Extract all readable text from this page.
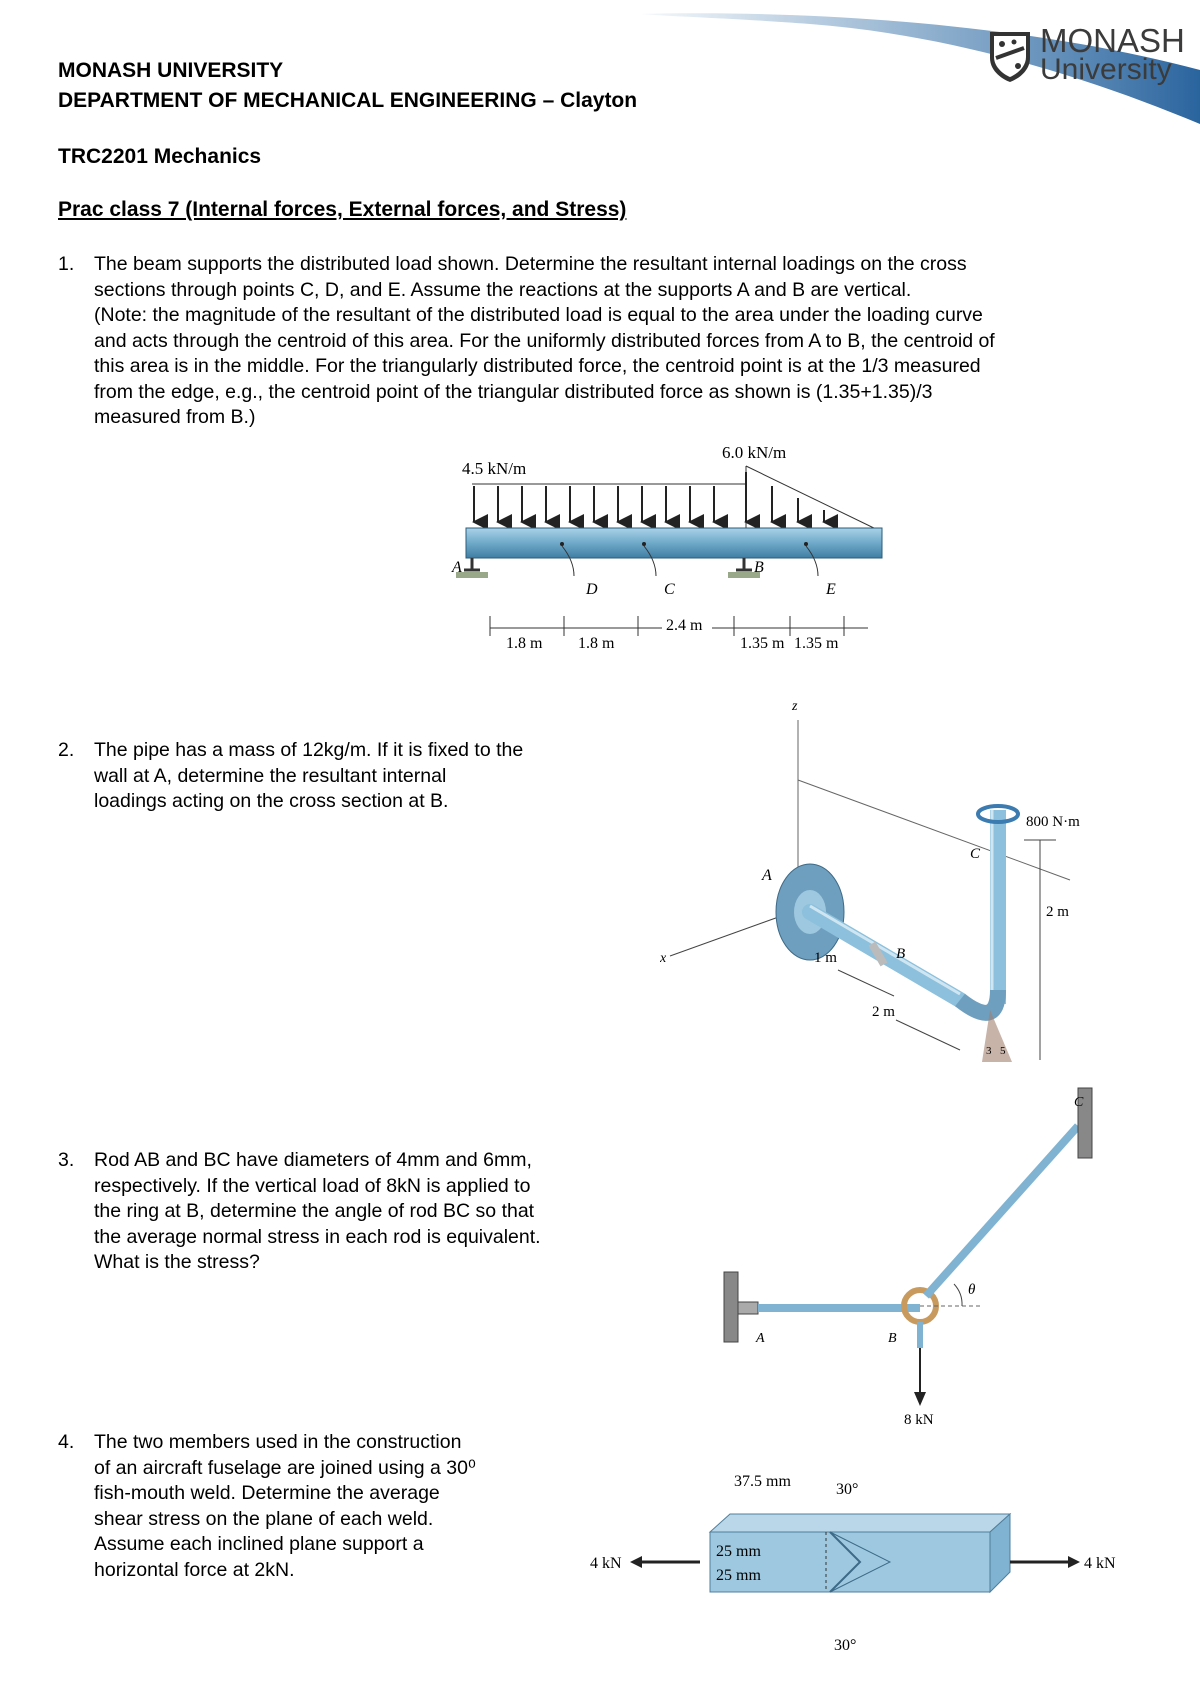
MONASH
University
MONASH UNIVERSITY
DEPARTMENT OF MECHANICAL ENGINEERING – Clayton
TRC2201 Mechanics
Prac class 7 (Internal forces, External forces, and Stress)
1. The beam supports the distributed load shown. Determine the resultant internal loadings on the cross
sections through points C, D, and E. Assume the reactions at the supports A and B are vertical.
(Note: the magnitude of the resultant of the distributed load is equal to the area under the loading curve
and acts through the centroid of this area. For the uniformly distributed forces from A to B, the centroid of
this area is in the middle. For the triangularly distributed force, the centroid point is at the 1/3 measured
from the edge, e.g., the centroid point of the triangular distributed force as shown is (1.35+1.35)/3
measured from B.)
4.5 kN/m
6.0 kN/m
A	B
D	C	E
1.8 m 1.8 m
2.4 m
1.35 m 1.35 m
2. The pipe has a mass of 12kg/m. If it is fixed to the
wall at A, determine the resultant internal
loadings acting on the cross section at B.
z
x
A
B
C
800 N·m
2 m
1 m
2 m
3 5
3. Rod AB and BC have diameters of 4mm and 6mm,
respectively. If the vertical load of 8kN is applied to
the ring at B, determine the angle of rod BC so that
the average normal stress in each rod is equivalent.
What is the stress?
A
C
θ
B
8 kN
4. The two members used in the construction
of an aircraft fuselage are joined using a 30⁰
fish-mouth weld. Determine the average
shear stress on the plane of each weld.
Assume each inclined plane support a
horizontal force at 2kN.
37.5 mm	30°
25 mm
25 mm
30°
4 kN	4 kN
